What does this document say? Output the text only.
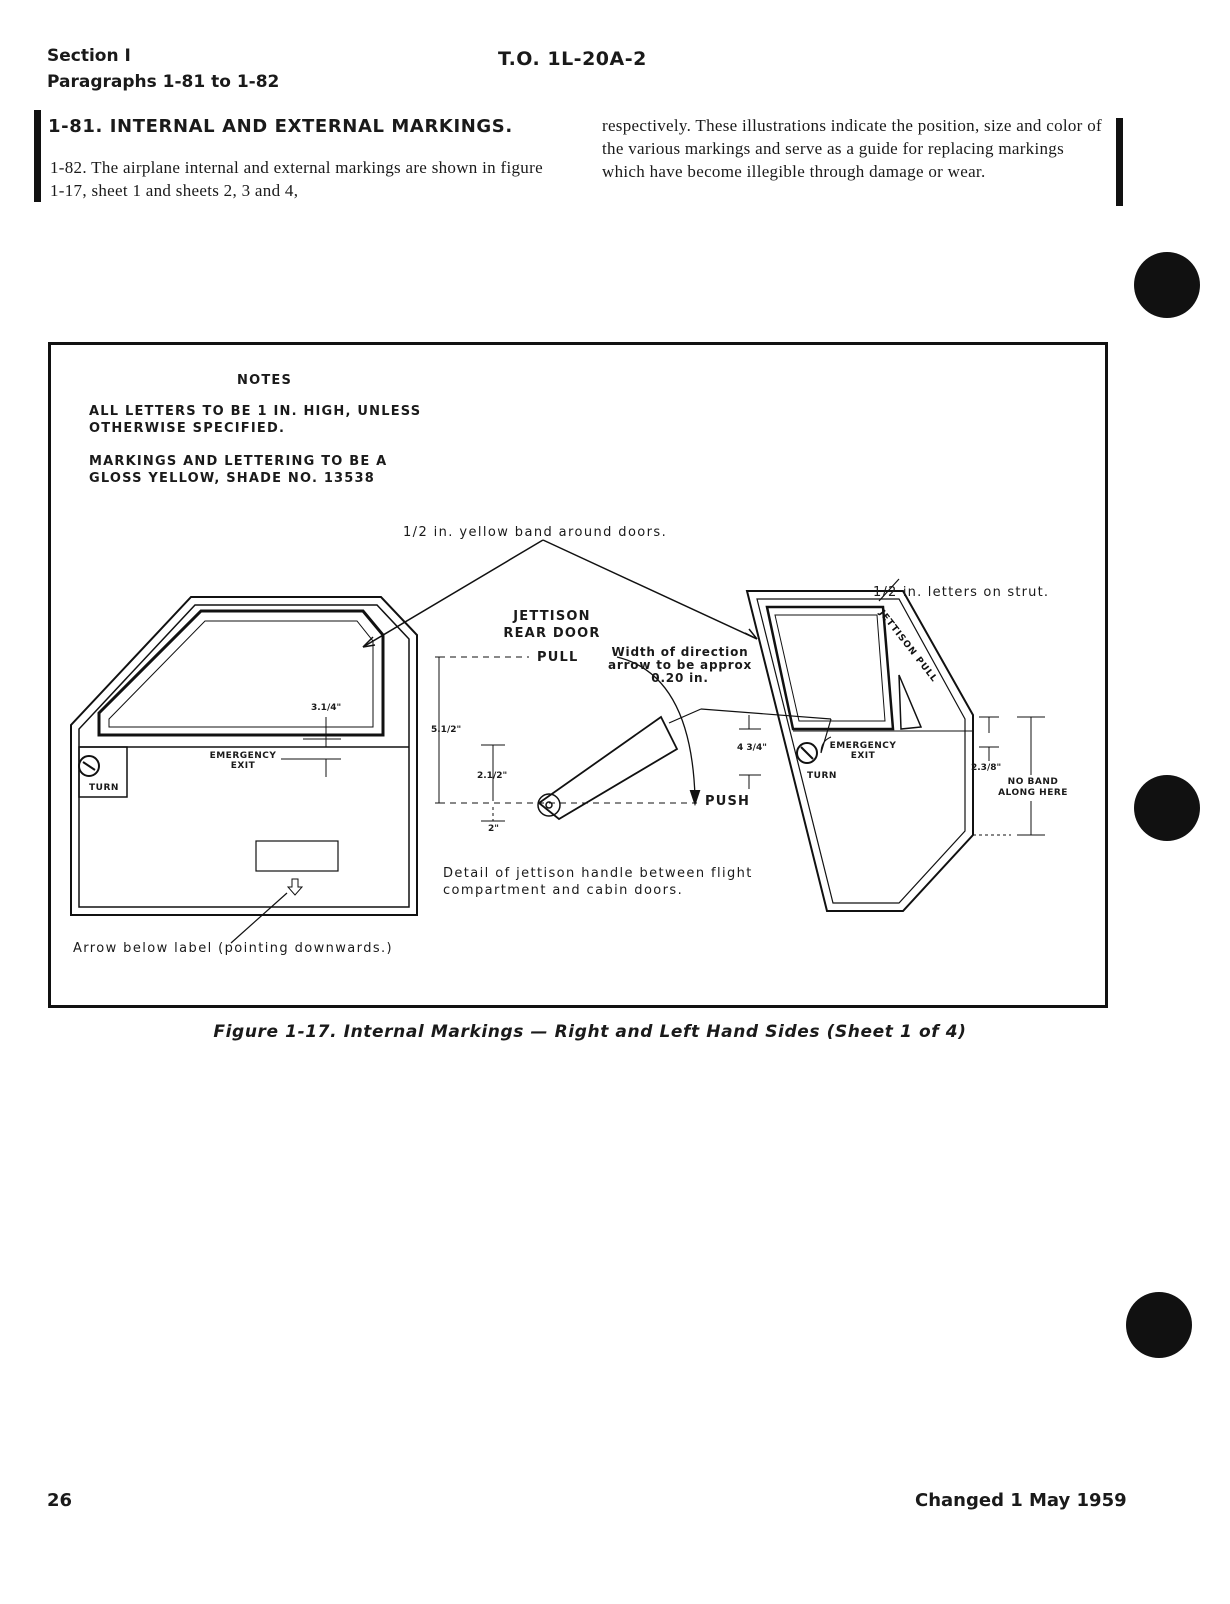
Section I
Paragraphs 1-81 to 1-82
T.O. 1L-20A-2
1-81. INTERNAL AND EXTERNAL MARKINGS.

1-82. The airplane internal and external markings are shown in figure 1-17, sheet 1 and sheets 2, 3 and 4,

respectively. These illustrations indicate the position, size and color of the various markings and serve as a guide for replacing markings which have become illegible through damage or wear.

NOTES
ALL LETTERS TO BE 1 IN. HIGH, UNLESS OTHERWISE SPECIFIED.
MARKINGS AND LETTERING TO BE A GLOSS YELLOW, SHADE NO. 13538
1/2 in. yellow band around doors.
JETTISON PULL
JETTISON REAR DOOR
PULL	Width of direction arrow to be approx 0.20 in.
PUSH
5.1/2"
2.1/2"
2"
3.1/4"
4 3/4"
2.3/8"
Detail of jettison handle between flight compartment and cabin doors.
1/2 in. letters on strut.
EMERGENCY EXIT
EMERGENCY EXIT
TURN
TURN
NO BAND ALONG HERE
Arrow below label (pointing downwards.)
Figure 1-17. Internal Markings — Right and Left Hand Sides (Sheet 1 of 4)
26	Changed 1 May 1959
